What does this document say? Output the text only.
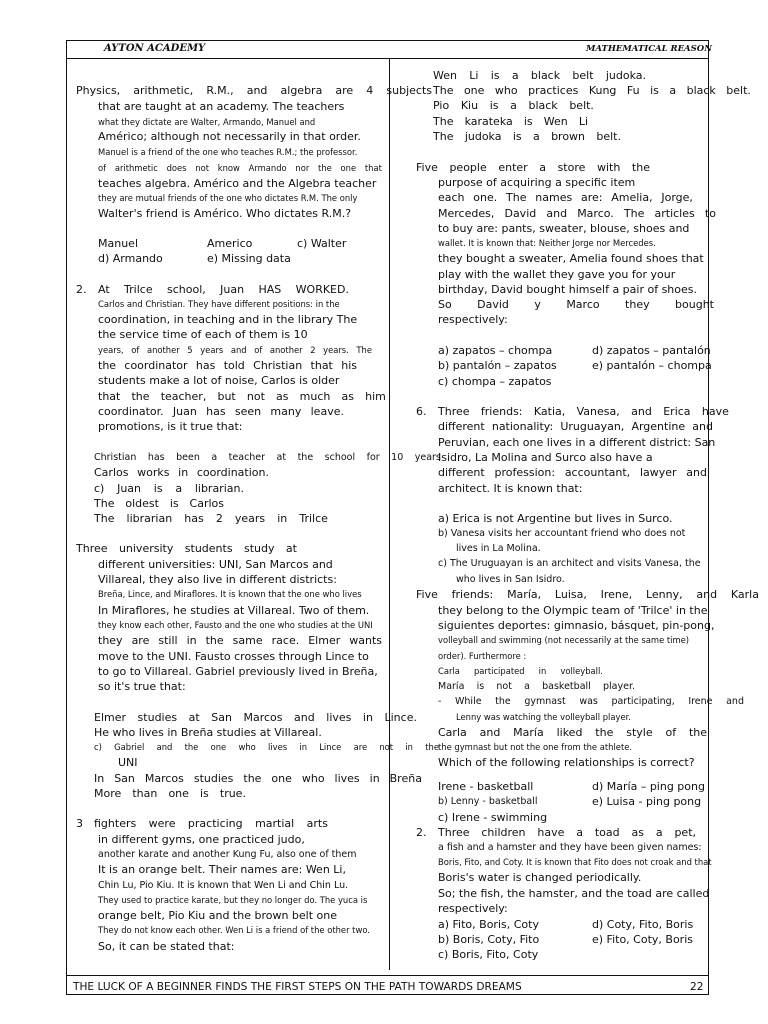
AYTON ACADEMY	MATHEMATICAL REASON
Physics, arithmetic, R.M., and algebra are 4 subjects
that are taught at an academy. The teachers
what they dictate are Walter, Armando, Manuel and
Américo; although not necessarily in that order.
Manuel is a friend of the one who teaches R.M.; the professor.
of arithmetic does not know Armando nor the one that
teaches algebra. Américo and the Algebra teacher
they are mutual friends of the one who dictates R.M. The only
Walter's friend is Américo. Who dictates R.M.?
Manuel	Americo	c) Walter
d) Armando	e) Missing data
2. At Trilce school, Juan HAS WORKED.
Carlos and Christian. They have different positions: in the
coordination, in teaching and in the library The
the service time of each of them is 10
years, of another 5 years and of another 2 years. The
the coordinator has told Christian that his
students make a lot of noise, Carlos is older
that the teacher, but not as much as him
coordinator. Juan has seen many leave.
promotions, is it true that:
Christian has been a teacher at the school for 10 years
Carlos works in coordination.
c) Juan is a librarian.
The oldest is Carlos
The librarian has 2 years in Trilce
Three university students study at
different universities: UNI, San Marcos and
Villareal, they also live in different districts:
Breña, Lince, and Miraflores. It is known that the one who lives
In Miraflores, he studies at Villareal. Two of them.
they know each other, Fausto and the one who studies at the UNI
they are still in the same race. Elmer wants
move to the UNI. Fausto crosses through Lince to
to go to Villareal. Gabriel previously lived in Breña,
so it's true that:
Elmer studies at San Marcos and lives in Lince.
He who lives in Breña studies at Villareal.
c) Gabriel and the one who lives in Lince are not in the
UNI
In San Marcos studies the one who lives in Breña
More than one is true.
3 fighters were practicing martial arts
in different gyms, one practiced judo,
another karate and another Kung Fu, also one of them
It is an orange belt. Their names are: Wen Li,
Chin Lu, Pio Kiu. It is known that Wen Li and Chin Lu.
They used to practice karate, but they no longer do. The yuca is
orange belt, Pio Kiu and the brown belt one
They do not know each other. Wen Li is a friend of the other two.
So, it can be stated that:
Wen Li is a black belt judoka.
The one who practices Kung Fu is a black belt.
Pio Kiu is a black belt.
The karateka is Wen Li
The judoka is a brown belt.
Five people enter a store with the
purpose of acquiring a specific item
each one. The names are: Amelia, Jorge,
Mercedes, David and Marco. The articles to
to buy are: pants, sweater, blouse, shoes and
wallet. It is known that: Neither Jorge nor Mercedes.
they bought a sweater, Amelia found shoes that
play with the wallet they gave you for your
birthday, David bought himself a pair of shoes.
So David y Marco they bought
respectively:
a) zapatos – chompa	d) zapatos – pantalón
b) pantalón – zapatos	e) pantalón – chompa
c) chompa – zapatos
6. Three friends: Katia, Vanesa, and Erica have
different nationality: Uruguayan, Argentine and
Peruvian, each one lives in a different district: San
Isidro, La Molina and Surco also have a
different profession: accountant, lawyer and
architect. It is known that:
a) Erica is not Argentine but lives in Surco.
b) Vanesa visits her accountant friend who does not
lives in La Molina.
c) The Uruguayan is an architect and visits Vanesa, the
who lives in San Isidro.
Five friends: María, Luisa, Irene, Lenny, and Karla
they belong to the Olympic team of 'Trilce' in the
siguientes deportes: gimnasio, básquet, pin-pong,
volleyball and swimming (not necessarily at the same time)
order). Furthermore :
Carla participated in volleyball.
María is not a basketball player.
- While the gymnast was participating, Irene and
Lenny was watching the volleyball player.
Carla and María liked the style of the
the gymnast but not the one from the athlete.
Which of the following relationships is correct?
Irene - basketball	d) María – ping pong
b) Lenny - basketball	e) Luisa - ping pong
c) Irene - swimming
2. Three children have a toad as a pet,
a fish and a hamster and they have been given names:
Boris, Fito, and Coty. It is known that Fito does not croak and that
Boris's water is changed periodically.
So; the fish, the hamster, and the toad are called
respectively:
a) Fito, Boris, Coty	d) Coty, Fito, Boris
b) Boris, Coty, Fito	e) Fito, Coty, Boris
c) Boris, Fito, Coty
THE LUCK OF A BEGINNER FINDS THE FIRST STEPS ON THE PATH TOWARDS DREAMS	22
